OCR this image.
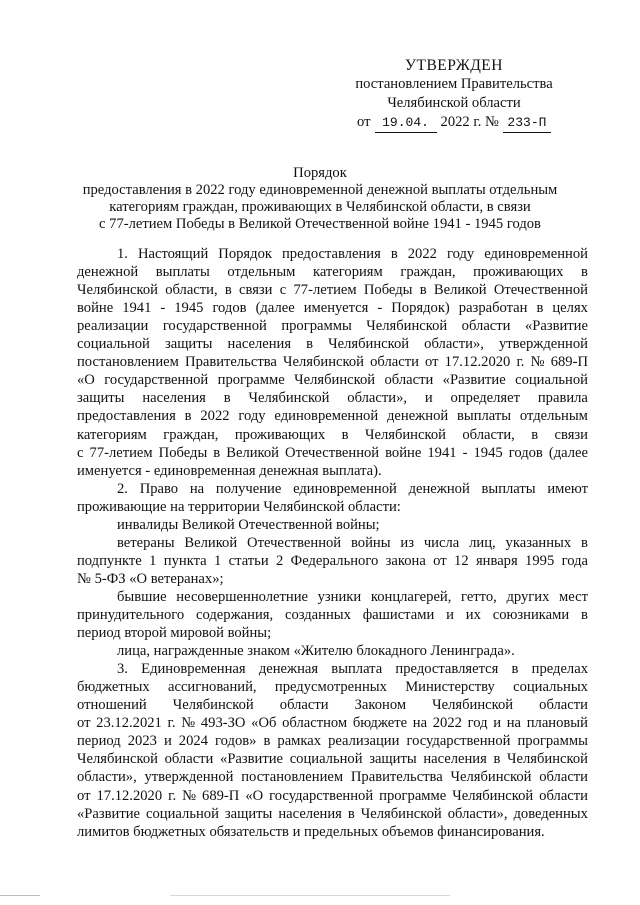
УТВЕРЖДЕН
постановлением Правительства
Челябинской области
от 19.04. 2022 г. № 233-П
Порядок
предоставления в 2022 году единовременной денежной выплаты отдельным
категориям граждан, проживающих в Челябинской области, в связи
с 77-летием Победы в Великой Отечественной войне 1941 - 1945 годов
1. Настоящий Порядок предоставления в 2022 году единовременной
денежной выплаты отдельным категориям граждан, проживающих в
Челябинской области, в связи с 77-летием Победы в Великой Отечественной
войне 1941 - 1945 годов (далее именуется - Порядок) разработан в целях
реализации государственной программы Челябинской области «Развитие
социальной защиты населения в Челябинской области», утвержденной
постановлением Правительства Челябинской области от 17.12.2020 г. № 689-П
«О государственной программе Челябинской области «Развитие социальной
защиты населения в Челябинской области», и определяет правила
предоставления в 2022 году единовременной денежной выплаты отдельным
категориям граждан, проживающих в Челябинской области, в связи
с 77-летием Победы в Великой Отечественной войне 1941 - 1945 годов (далее
именуется - единовременная денежная выплата).
2. Право на получение единовременной денежной выплаты имеют
проживающие на территории Челябинской области:
инвалиды Великой Отечественной войны;
ветераны Великой Отечественной войны из числа лиц, указанных в
подпункте 1 пункта 1 статьи 2 Федерального закона от 12 января 1995 года
№ 5-ФЗ «О ветеранах»;
бывшие несовершеннолетние узники концлагерей, гетто, других мест
принудительного содержания, созданных фашистами и их союзниками в
период второй мировой войны;
лица, награжденные знаком «Жителю блокадного Ленинграда».
3. Единовременная денежная выплата предоставляется в пределах
бюджетных ассигнований, предусмотренных Министерству социальных
отношений Челябинской области Законом Челябинской области
от 23.12.2021 г. № 493-ЗО «Об областном бюджете на 2022 год и на плановый
период 2023 и 2024 годов» в рамках реализации государственной программы
Челябинской области «Развитие социальной защиты населения в Челябинской
области», утвержденной постановлением Правительства Челябинской области
от 17.12.2020 г. № 689-П «О государственной программе Челябинской области
«Развитие социальной защиты населения в Челябинской области», доведенных
лимитов бюджетных обязательств и предельных объемов финансирования.
